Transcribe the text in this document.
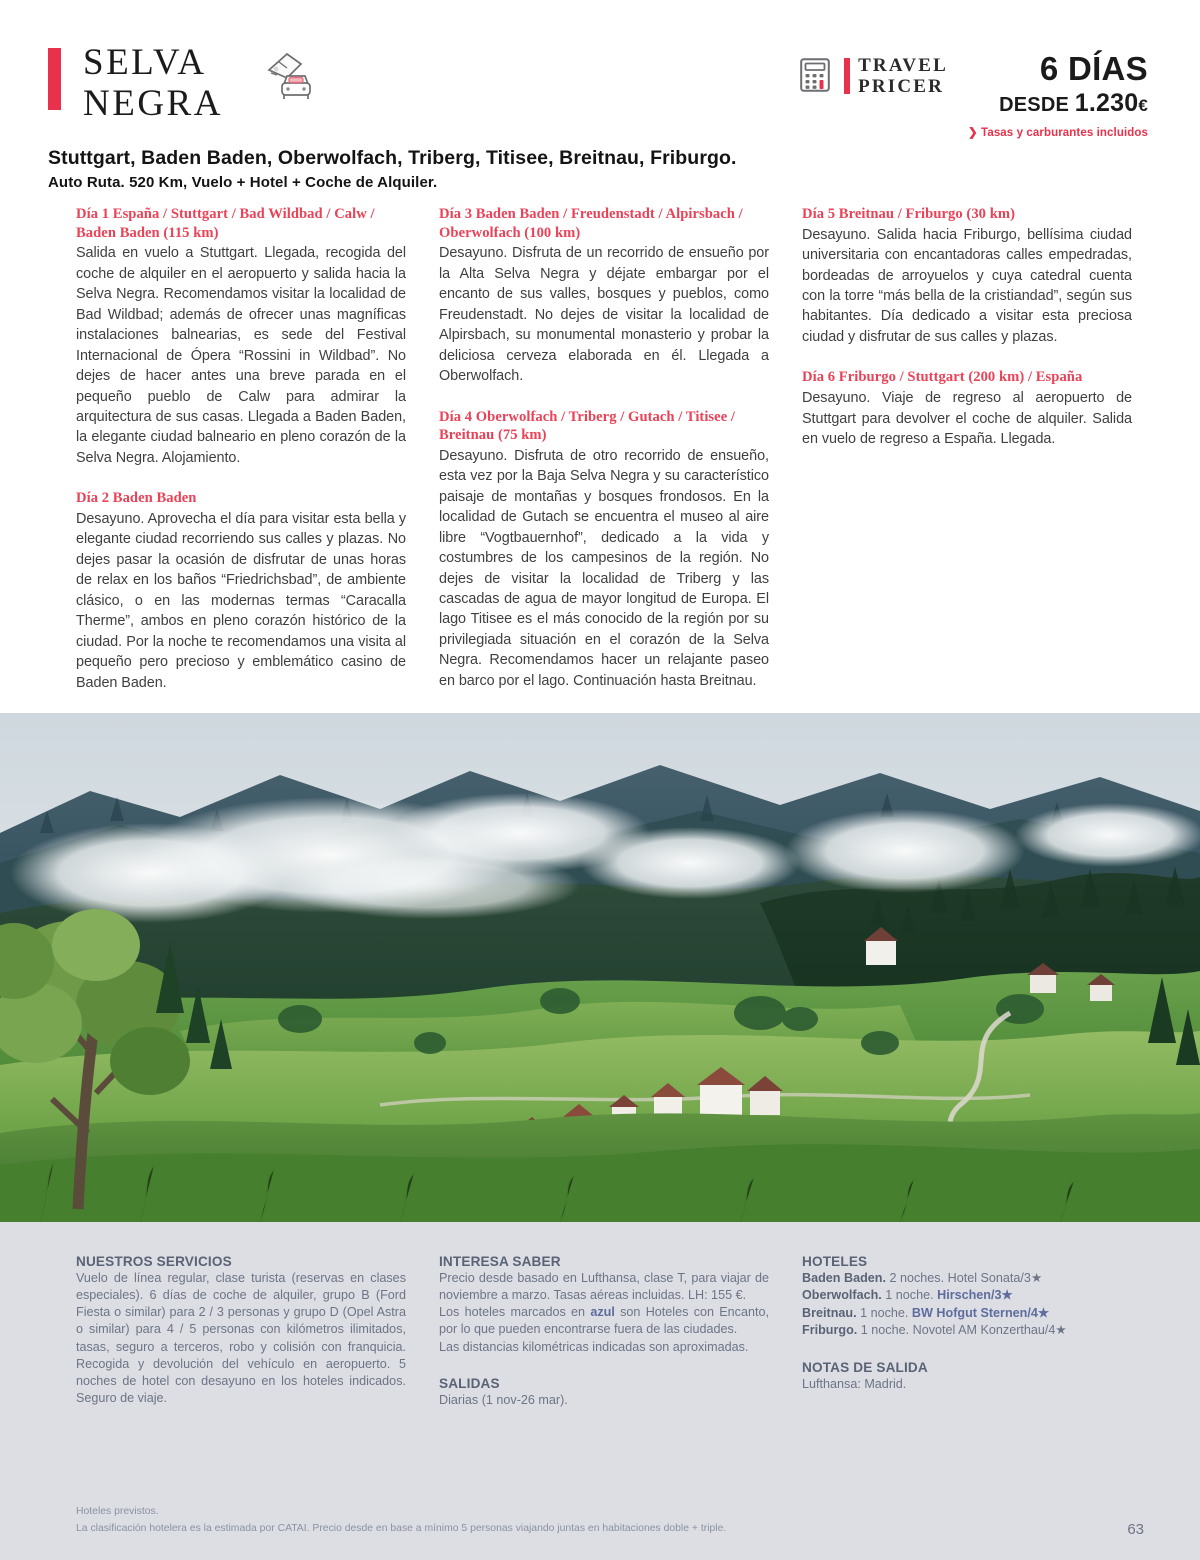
SELVA
NEGRA
Stuttgart, Baden Baden, Oberwolfach, Triberg, Titisee, Breitnau, Friburgo.
Auto Ruta. 520 Km, Vuelo + Hotel + Coche de Alquiler.
TRAVEL
PRICER	6 DÍAS
DESDE 1.230€
❯ Tasas y carburantes incluidos
Día 1 España / Stuttgart / Bad Wildbad / Calw / Baden Baden (115 km)
Salida en vuelo a Stuttgart. Llegada, recogida del coche de alquiler en el aeropuerto y salida hacia la Selva Negra. Recomendamos visitar la localidad de Bad Wildbad; además de ofrecer unas magníficas instalaciones balnearias, es sede del Festival Internacional de Ópera “Rossini in Wildbad”. No dejes de hacer antes una breve parada en el pequeño pueblo de Calw para admirar la arquitectura de sus casas. Llegada a Baden Baden, la elegante ciudad balneario en pleno corazón de la Selva Negra. Alojamiento.
Día 2 Baden Baden
Desayuno. Aprovecha el día para visitar esta bella y elegante ciudad recorriendo sus calles y plazas. No dejes pasar la ocasión de disfrutar de unas horas de relax en los baños “Friedrichsbad”, de ambiente clásico, o en las modernas termas “Caracalla Therme”, ambos en pleno corazón histórico de la ciudad. Por la noche te recomendamos una visita al pequeño pero precioso y emblemático casino de Baden Baden.
Día 3 Baden Baden / Freudenstadt / Alpirsbach / Oberwolfach (100 km)
Desayuno. Disfruta de un recorrido de ensueño por la Alta Selva Negra y déjate embargar por el encanto de sus valles, bosques y pueblos, como Freudenstadt. No dejes de visitar la localidad de Alpirsbach, su monumental monasterio y probar la deliciosa cerveza elaborada en él. Llegada a Oberwolfach.
Día 4 Oberwolfach / Triberg / Gutach / Titisee / Breitnau (75 km)
Desayuno. Disfruta de otro recorrido de ensueño, esta vez por la Baja Selva Negra y su característico paisaje de montañas y bosques frondosos. En la localidad de Gutach se encuentra el museo al aire libre “Vogtbauernhof”, dedicado a la vida y costumbres de los campesinos de la región. No dejes de visitar la localidad de Triberg y las cascadas de agua de mayor longitud de Europa. El lago Titisee es el más conocido de la región por su privilegiada situación en el corazón de la Selva Negra. Recomendamos hacer un relajante paseo en barco por el lago. Continuación hasta Breitnau.
Día 5 Breitnau / Friburgo (30 km)
Desayuno. Salida hacia Friburgo, bellísima ciudad universitaria con encantadoras calles empedradas, bordeadas de arroyuelos y cuya catedral cuenta con la torre “más bella de la cristiandad”, según sus habitantes. Día dedicado a visitar esta preciosa ciudad y disfrutar de sus calles y plazas.
Día 6 Friburgo / Stuttgart (200 km) / España
Desayuno. Viaje de regreso al aeropuerto de Stuttgart para devolver el coche de alquiler. Salida en vuelo de regreso a España. Llegada.
NUESTROS SERVICIOS
Vuelo de línea regular, clase turista (reservas en clases especiales). 6 días de coche de alquiler, grupo B (Ford Fiesta o similar) para 2 / 3 personas y grupo D (Opel Astra o similar) para 4 / 5 personas con kilómetros ilimitados, tasas, seguro a terceros, robo y colisión con franquicia. Recogida y devolución del vehículo en aeropuerto. 5 noches de hotel con desayuno en los hoteles indicados. Seguro de viaje.
INTERESA SABER
Precio desde basado en Lufthansa, clase T, para viajar de noviembre a marzo. Tasas aéreas incluidas. LH: 155 €.
Los hoteles marcados en azul son Hoteles con Encanto, por lo que pueden encontrarse fuera de las ciudades.
Las distancias kilométricas indicadas son aproximadas.
SALIDAS
Diarias (1 nov-26 mar).
HOTELES
Baden Baden. 2 noches. Hotel Sonata/3★
Oberwolfach. 1 noche. Hirschen/3★
Breitnau. 1 noche. BW Hofgut Sternen/4★
Friburgo. 1 noche. Novotel AM Konzerthau/4★
NOTAS DE SALIDA
Lufthansa: Madrid.
Hoteles previstos.
La clasificación hotelera es la estimada por CATAI. Precio desde en base a mínimo 5 personas viajando juntas en habitaciones doble + triple.	63
